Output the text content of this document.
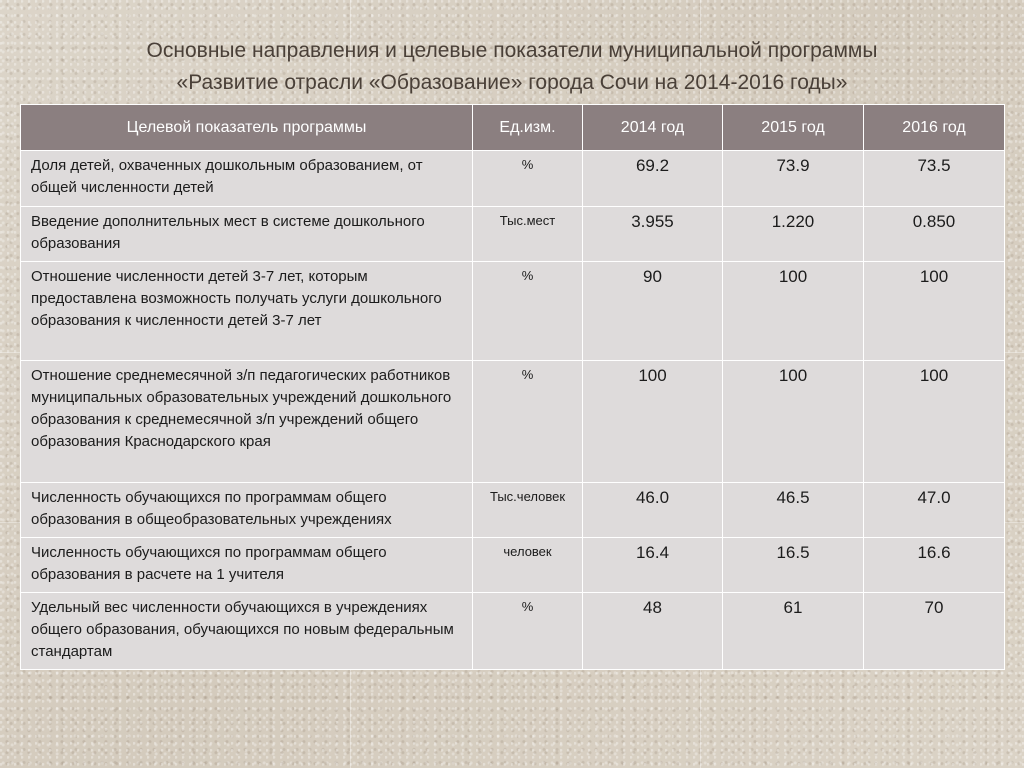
Основные направления и целевые показатели муниципальной программы
«Развитие отрасли «Образование» города Сочи на 2014-2016 годы»
Целевой показатель программы	Ед.изм.	2014 год	2015 год	2016 год
Доля детей, охваченных дошкольным образованием, от общей численности детей	%	69.2	73.9	73.5
Введение дополнительных мест в системе дошкольного образования	Тыс.мест	3.955	1.220	0.850
Отношение численности детей 3-7 лет, которым предоставлена возможность получать услуги дошкольного образования к численности детей 3-7 лет	%	90	100	100
Отношение среднемесячной з/п педагогических работников муниципальных образовательных учреждений дошкольного образования к среднемесячной з/п учреждений общего образования Краснодарского края	%	100	100	100
Численность обучающихся по программам общего образования в общеобразовательных учреждениях	Тыс.человек	46.0	46.5	47.0
Численность обучающихся по программам общего образования в расчете на 1 учителя	человек	16.4	16.5	16.6
Удельный вес численности обучающихся в учреждениях общего образования, обучающихся по новым федеральным стандартам	%	48	61	70
